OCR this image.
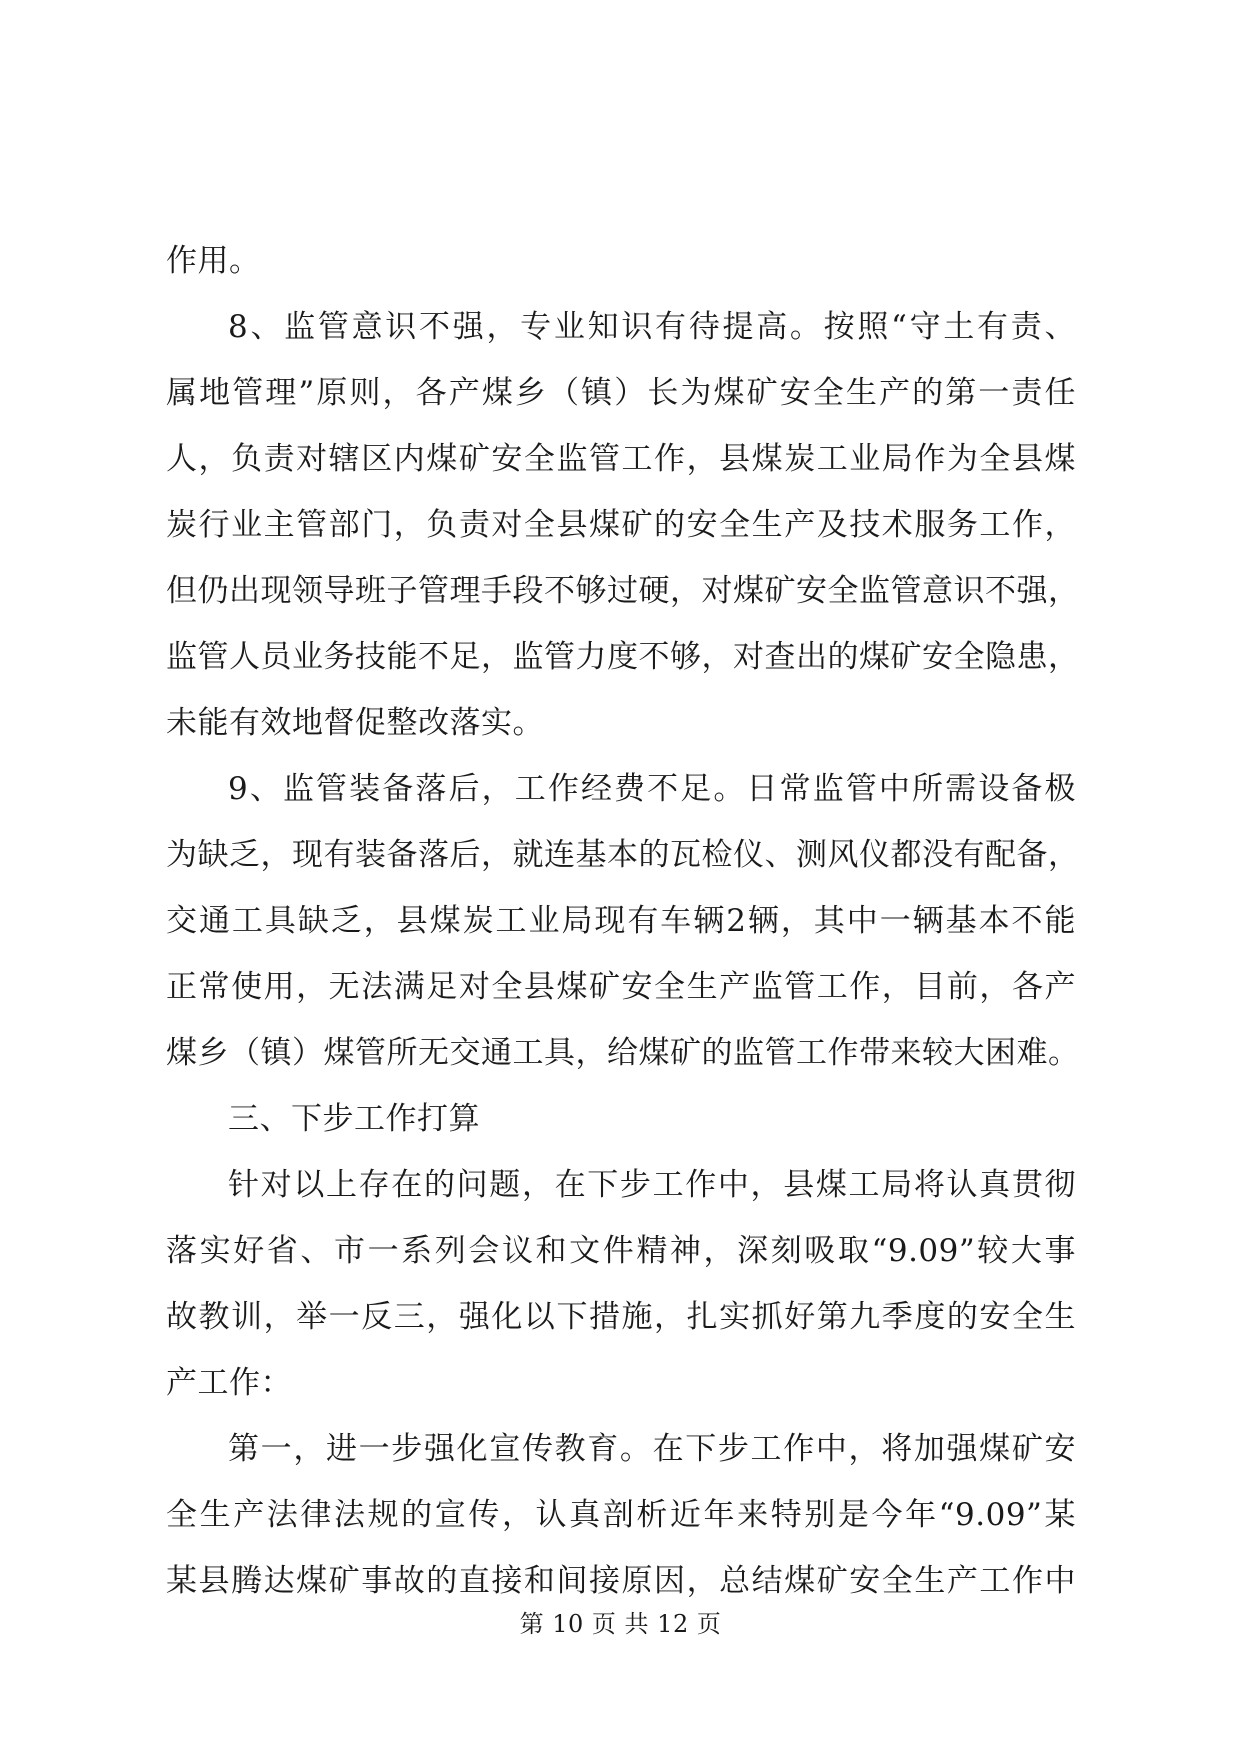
作用。
8、监管意识不强，专业知识有待提高。按照“守土有责、
属地管理”原则，各产煤乡（镇）长为煤矿安全生产的第一责任
人，负责对辖区内煤矿安全监管工作，县煤炭工业局作为全县煤
炭行业主管部门，负责对全县煤矿的安全生产及技术服务工作，
但仍出现领导班子管理手段不够过硬，对煤矿安全监管意识不强，
监管人员业务技能不足，监管力度不够，对查出的煤矿安全隐患，
未能有效地督促整改落实。
9、监管装备落后，工作经费不足。日常监管中所需设备极
为缺乏，现有装备落后，就连基本的瓦检仪、测风仪都没有配备，
交通工具缺乏，县煤炭工业局现有车辆2辆，其中一辆基本不能
正常使用，无法满足对全县煤矿安全生产监管工作，目前，各产
煤乡（镇）煤管所无交通工具，给煤矿的监管工作带来较大困难。
三、下步工作打算
针对以上存在的问题，在下步工作中，县煤工局将认真贯彻
落实好省、市一系列会议和文件精神，深刻吸取“9.09”较大事
故教训，举一反三，强化以下措施，扎实抓好第九季度的安全生
产工作：
第一，进一步强化宣传教育。在下步工作中，将加强煤矿安
全生产法律法规的宣传，认真剖析近年来特别是今年“9.09”某
某县腾达煤矿事故的直接和间接原因，总结煤矿安全生产工作中
第 10 页 共 12 页
